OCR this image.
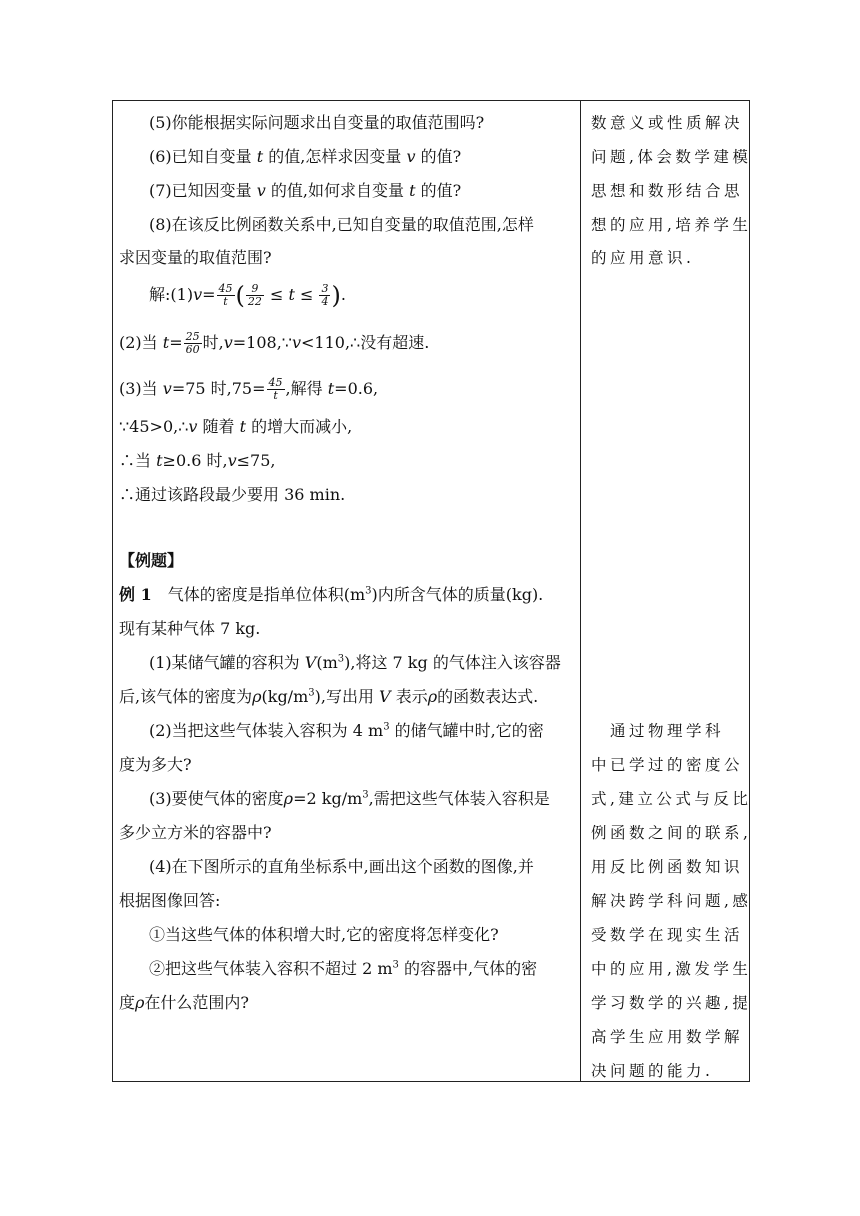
(5)你能根据实际问题求出自变量的取值范围吗?
(6)已知自变量 t 的值,怎样求因变量 v 的值?
(7)已知因变量 v 的值,如何求自变量 t 的值?
(8)在该反比例函数关系中,已知自变量的取值范围,怎样
求因变量的取值范围?
解:(1)v= $\frac{45}{t}$ ( $\frac{9}{22} \le t \le \frac{3}{4}$ ).
(2)当 $t= \frac{25}{60}$ 时,v=108,∵v<110,∴没有超速.
(3)当 v=75 时$,75= \frac{45}{t}$ ,解得 t=0.6,
∵45>0,∴v 随着 t 的增大而减小,
∴当 t≥0.6 时,v≤75,
∴通过该路段最少要用 36 min.
【例题】
例 1　气体的密度是指单位体积$(m^3)$内所含气体的质量(kg).
现有某种气体 7 kg.
(1)某储气罐的容积为 $V(m^3)$,将这 7 kg 的气体注入该容器
后,该气体的密度为$\rho(kg/m^3)$,写出用 V 表示ρ的函数表达式.
(2)当把这些气体装入容积为 4 $m^3$ 的储气罐中时,它的密
度为多大?
(3)要使气体的密度ρ=2 $kg/m^3$,需把这些气体装入容积是
多少立方米的容器中?
(4)在下图所示的直角坐标系中,画出这个函数的图像,并
根据图像回答:
①当这些气体的体积增大时,它的密度将怎样变化?
②把这些气体装入容积不超过 2 $m^3$ 的容器中,气体的密
度ρ在什么范围内?
数意义或性质解决
问题,体会数学建模
思想和数形结合思
想的应用,培养学生
的应用意识.
　通过物理学科
中已学过的密度公
式,建立公式与反比
例函数之间的联系,
用反比例函数知识
解决跨学科问题,感
受数学在现实生活
中的应用,激发学生
学习数学的兴趣,提
高学生应用数学解
决问题的能力.
